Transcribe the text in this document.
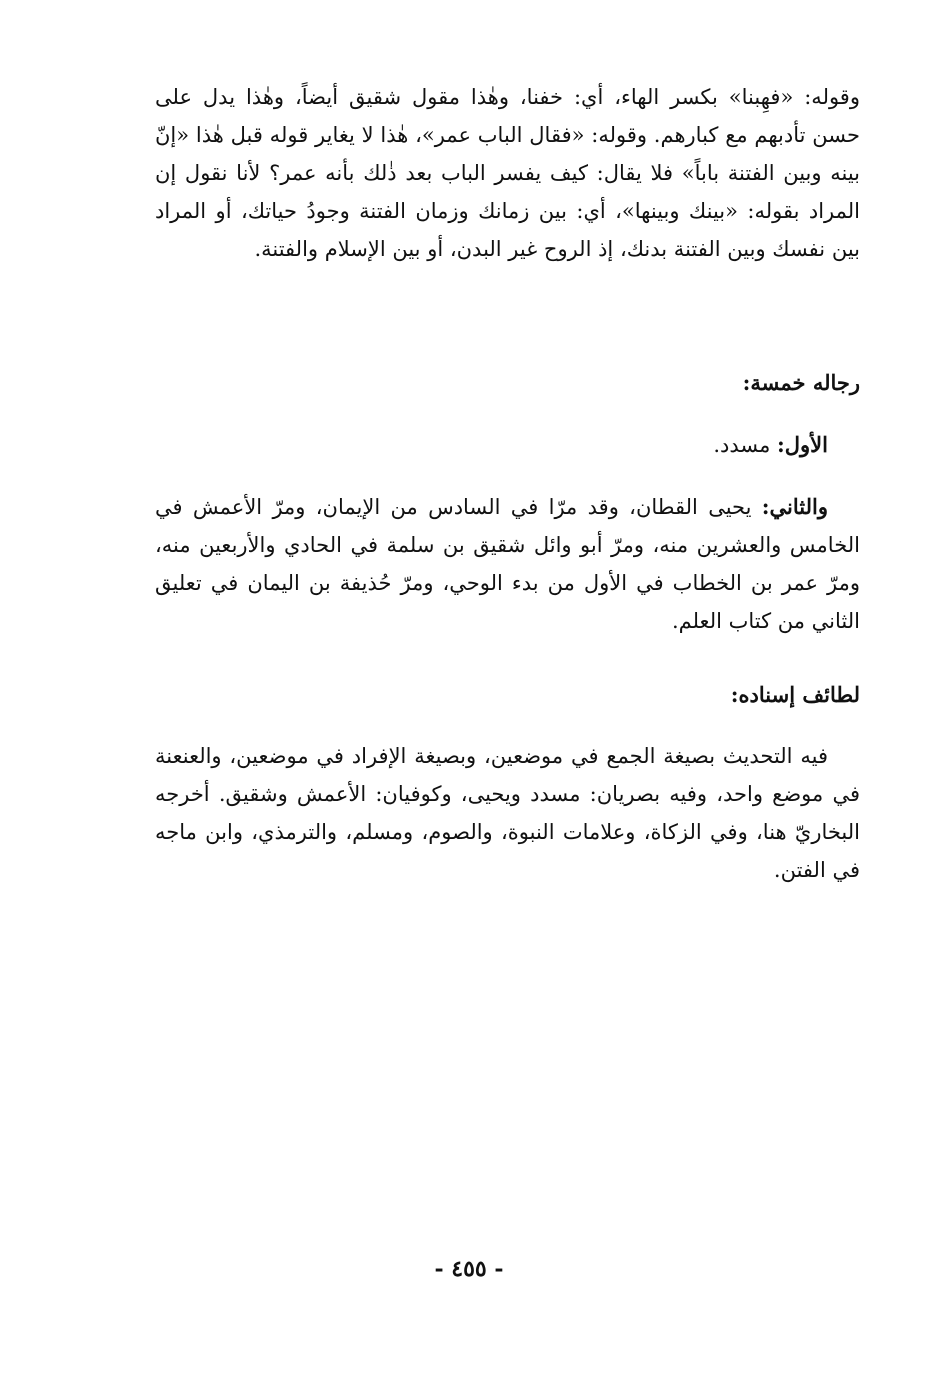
وقوله: «فهِبنا» بكسر الهاء، أي: خفنا، وهٰذا مقول شقيق أيضاً، وهٰذا يدل على حسن تأدبهم مع كبارهم. وقوله: «فقال الباب عمر»، هٰذا لا يغاير قوله قبل هٰذا «إنّ بينه وبين الفتنة باباً» فلا يقال: كيف يفسر الباب بعد ذٰلك بأنه عمر؟ لأنا نقول إن المراد بقوله: «بينك وبينها»، أي: بين زمانك وزمان الفتنة وجودُ حياتك، أو المراد بين نفسك وبين الفتنة بدنك، إذ الروح غير البدن، أو بين الإسلام والفتنة.

رجاله خمسة:
الأول: مسدد.

والثاني: يحيى القطان، وقد مرّا في السادس من الإيمان، ومرّ الأعمش في الخامس والعشرين منه، ومرّ أبو وائل شقيق بن سلمة في الحادي والأربعين منه، ومرّ عمر بن الخطاب في الأول من بدء الوحي، ومرّ حُذيفة بن اليمان في تعليق الثاني من كتاب العلم.

لطائف إسناده:

فيه التحديث بصيغة الجمع في موضعين، وبصيغة الإفراد في موضعين، والعنعنة في موضع واحد، وفيه بصريان: مسدد ويحيى، وكوفيان: الأعمش وشقيق. أخرجه البخاريّ هنا، وفي الزكاة، وعلامات النبوة، والصوم، ومسلم، والترمذي، وابن ماجه في الفتن.

- ٤٥٥ -
